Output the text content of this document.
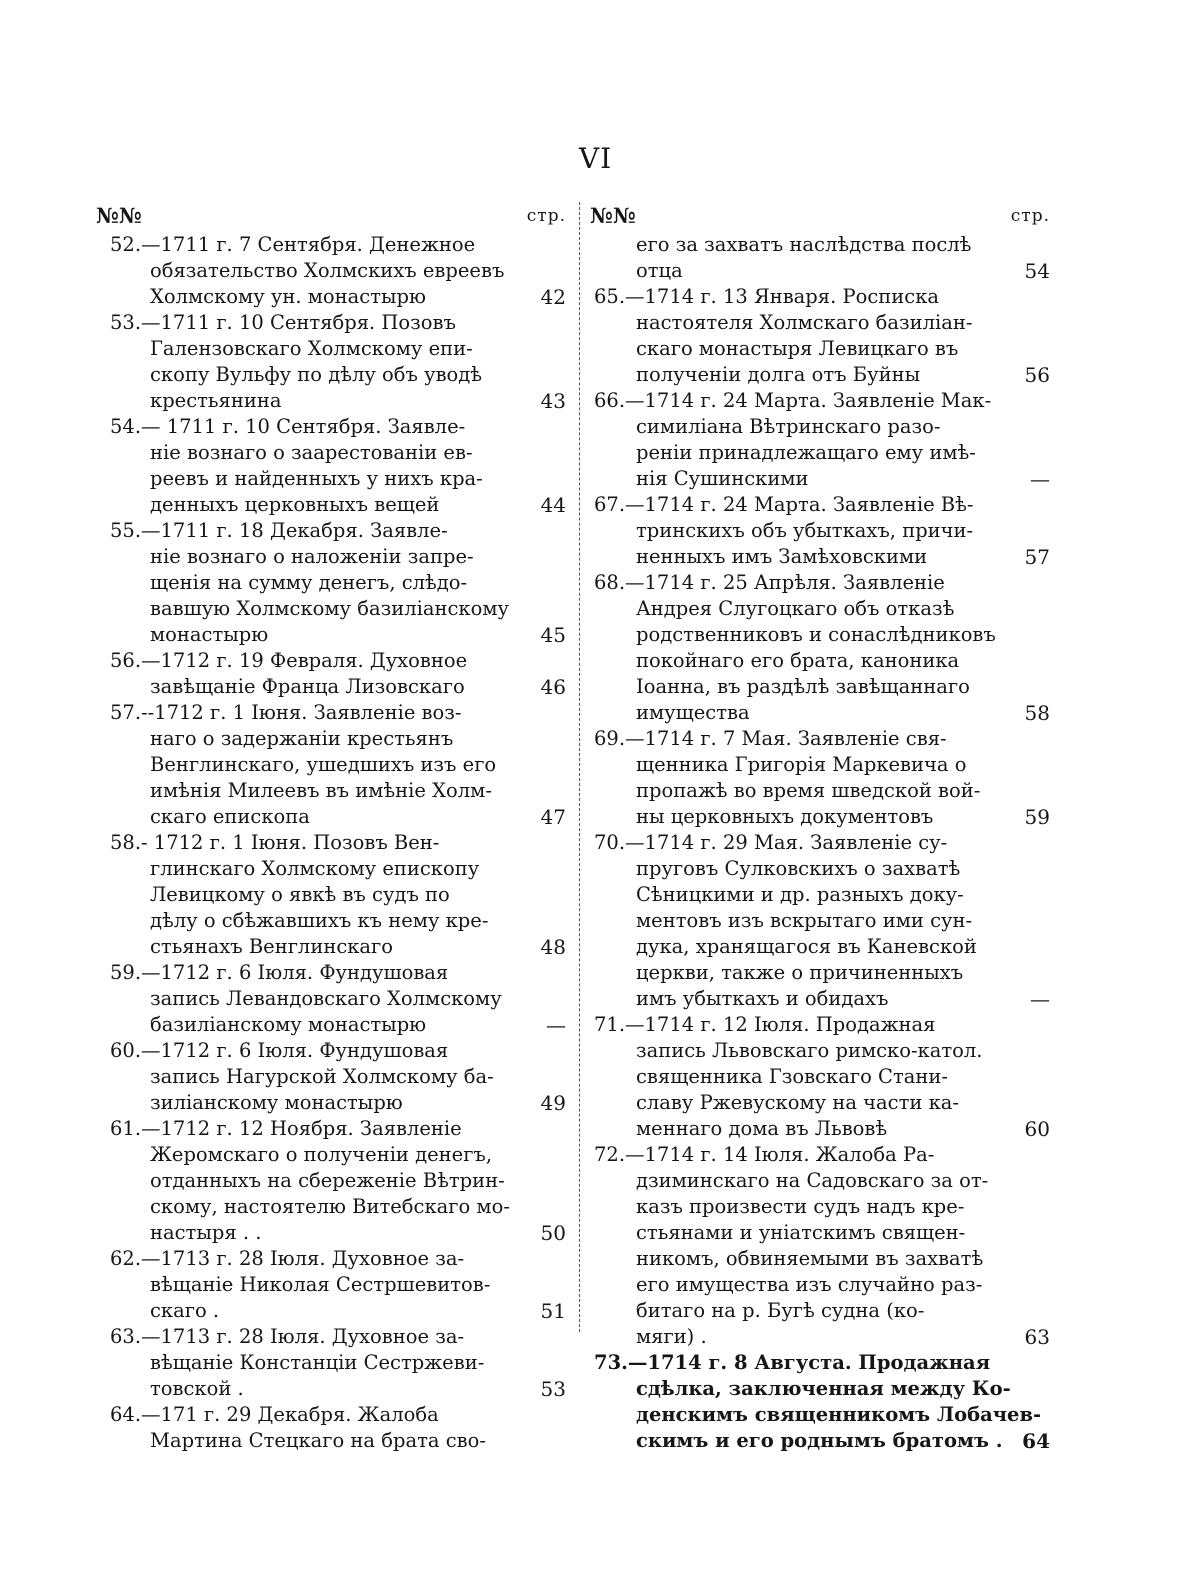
VI
№№	стр.
52.—1711 г. 7 Сентября. Денежное
обязательство Холмскихъ евреевъ
Холмскому ун. монастырю	42
53.—1711 г. 10 Сентября. Позовъ
Галензовскаго Холмскому епи-
скопу Вульфу по дѣлу объ уводѣ
крестьянина	43
54.— 1711 г. 10 Сентября. Заявле-
ніе вознаго о заарестованіи ев-
реевъ и найденныхъ у нихъ кра-
денныхъ церковныхъ вещей	44
55.—1711 г. 18 Декабря. Заявле-
ніе вознаго о наложеніи запре-
щенія на сумму денегъ, слѣдо-
вавшую Холмскому базиліанскому
монастырю	45
56.—1712 г. 19 Февраля. Духовное
завѣщаніе Францa Лизовскаго	46
57.--1712 г. 1 Іюня. Заявленіе воз-
наго о задержаніи крестьянъ
Венглинскаго, ушедшихъ изъ его
имѣнія Милеевъ въ имѣніе Холм-
скаго епископа	47
58.- 1712 г. 1 Іюня. Позовъ Вен-
глинскаго Холмскому епископу
Левицкому о явкѣ въ судъ по
дѣлу о сбѣжавшихъ къ нему кре-
стьянахъ Венглинскаго	48
59.—1712 г. 6 Іюля. Фундушовая
запись Левандовскаго Холмскому
базиліанскому монастырю	—
60.—1712 г. 6 Іюля. Фундушовая
запись Нагурской Холмскому ба-
зиліанскому монастырю	49
61.—1712 г. 12 Ноября. Заявленіе
Жеромскаго о полученіи денегъ,
отданныхъ на сбереженіе Вѣтрин-
скому, настоятелю Витебскаго мо-
настыря . .	50
62.—1713 г. 28 Іюля. Духовное за-
вѣщаніе Николая Сестршевитов-
скаго .	51
63.—1713 г. 28 Іюля. Духовное за-
вѣщаніе Констанціи Сестржеви-
товской .	53
64.—171 г. 29 Декабря. Жалоба
Мартина Стецкаго на брата сво-
№№	стр.
его за захватъ наслѣдства послѣ
отца	54
65.—1714 г. 13 Января. Росписка
настоятеля Холмскаго базиліан-
скаго монастыря Левицкаго въ
полученіи долга отъ Буйны	56
66.—1714 г. 24 Марта. Заявленіе Мак-
симиліана Вѣтринскаго разо-
реніи принадлежащаго ему имѣ-
нія Сушинскими	—
67.—1714 г. 24 Марта. Заявленіе Вѣ-
тринскихъ объ убыткахъ, причи-
ненныхъ имъ Замѣховскими	57
68.—1714 г. 25 Апрѣля. Заявленіе
Андрея Слугоцкаго объ отказѣ
родственниковъ и сонаслѣдниковъ
покойнаго его брата, каноника
Іоанна, въ раздѣлѣ завѣщаннаго
имущества	58
69.—1714 г. 7 Мая. Заявленіе свя-
щенника Григорія Маркевича о
пропажѣ во время шведской вой-
ны церковныхъ документовъ	59
70.—1714 г. 29 Мая. Заявленіе су-
пруговъ Сулковскихъ о захватѣ
Сѣницкими и др. разныхъ доку-
ментовъ изъ вскрытаго ими сун-
дука, хранящагося въ Каневской
церкви, также о причиненныхъ
имъ убыткахъ и обидахъ	—
71.—1714 г. 12 Іюля. Продажная
запись Львовскаго римско-катол.
священника Гзовскаго Стани-
славу Ржевускому на части ка-
меннаго дома въ Львовѣ	60
72.—1714 г. 14 Іюля. Жалоба Ра-
дзиминскаго на Садовскаго за от-
казъ произвести судъ надъ кре-
стьянами и уніатскимъ священ-
никомъ, обвиняемыми въ захватѣ
его имущества изъ случайно раз-
битаго на р. Бугѣ судна (ко-
мяги) .	63
73.—1714 г. 8 Августа. Продажная
сдѣлка, заключенная между Ко-
денскимъ священникомъ Лобачев-
скимъ и его роднымъ братомъ . 64
